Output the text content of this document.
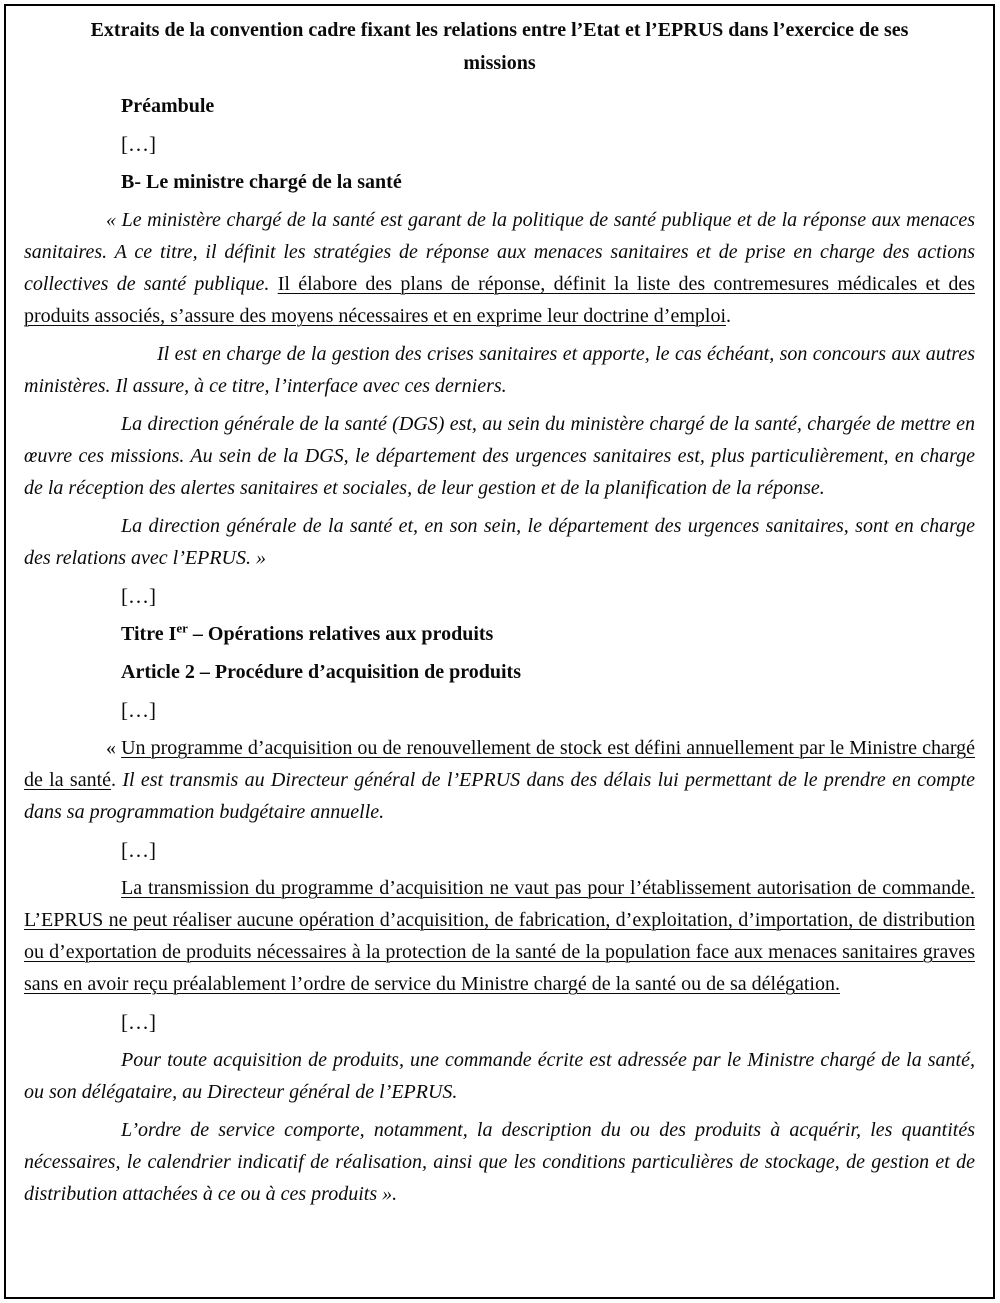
Extraits de la convention cadre fixant les relations entre l’Etat et l’EPRUS dans l’exercice de ses missions

Préambule

[…]

B- Le ministre chargé de la santé

« Le ministère chargé de la santé est garant de la politique de santé publique et de la réponse aux menaces sanitaires. A ce titre, il définit les stratégies de réponse aux menaces sanitaires et de prise en charge des actions collectives de santé publique. Il élabore des plans de réponse, définit la liste des contremesures médicales et des produits associés, s’assure des moyens nécessaires et en exprime leur doctrine d’emploi.

Il est en charge de la gestion des crises sanitaires et apporte, le cas échéant, son concours aux autres ministères. Il assure, à ce titre, l’interface avec ces derniers.

La direction générale de la santé (DGS) est, au sein du ministère chargé de la santé, chargée de mettre en œuvre ces missions. Au sein de la DGS, le département des urgences sanitaires est, plus particulièrement, en charge de la réception des alertes sanitaires et sociales, de leur gestion et de la planification de la réponse.

La direction générale de la santé et, en son sein, le département des urgences sanitaires, sont en charge des relations avec l’EPRUS. »

[…]

Titre Ier – Opérations relatives aux produits

Article 2 – Procédure d’acquisition de produits

[…]

« Un programme d’acquisition ou de renouvellement de stock est défini annuellement par le Ministre chargé de la santé. Il est transmis au Directeur général de l’EPRUS dans des délais lui permettant de le prendre en compte dans sa programmation budgétaire annuelle.

[…]

La transmission du programme d’acquisition ne vaut pas pour l’établissement autorisation de commande. L’EPRUS ne peut réaliser aucune opération d’acquisition, de fabrication, d’exploitation, d’importation, de distribution ou d’exportation de produits nécessaires à la protection de la santé de la population face aux menaces sanitaires graves sans en avoir reçu préalablement l’ordre de service du Ministre chargé de la santé ou de sa délégation.

[…]

Pour toute acquisition de produits, une commande écrite est adressée par le Ministre chargé de la santé, ou son délégataire, au Directeur général de l’EPRUS.

L’ordre de service comporte, notamment, la description du ou des produits à acquérir, les quantités nécessaires, le calendrier indicatif de réalisation, ainsi que les conditions particulières de stockage, de gestion et de distribution attachées à ce ou à ces produits ».
